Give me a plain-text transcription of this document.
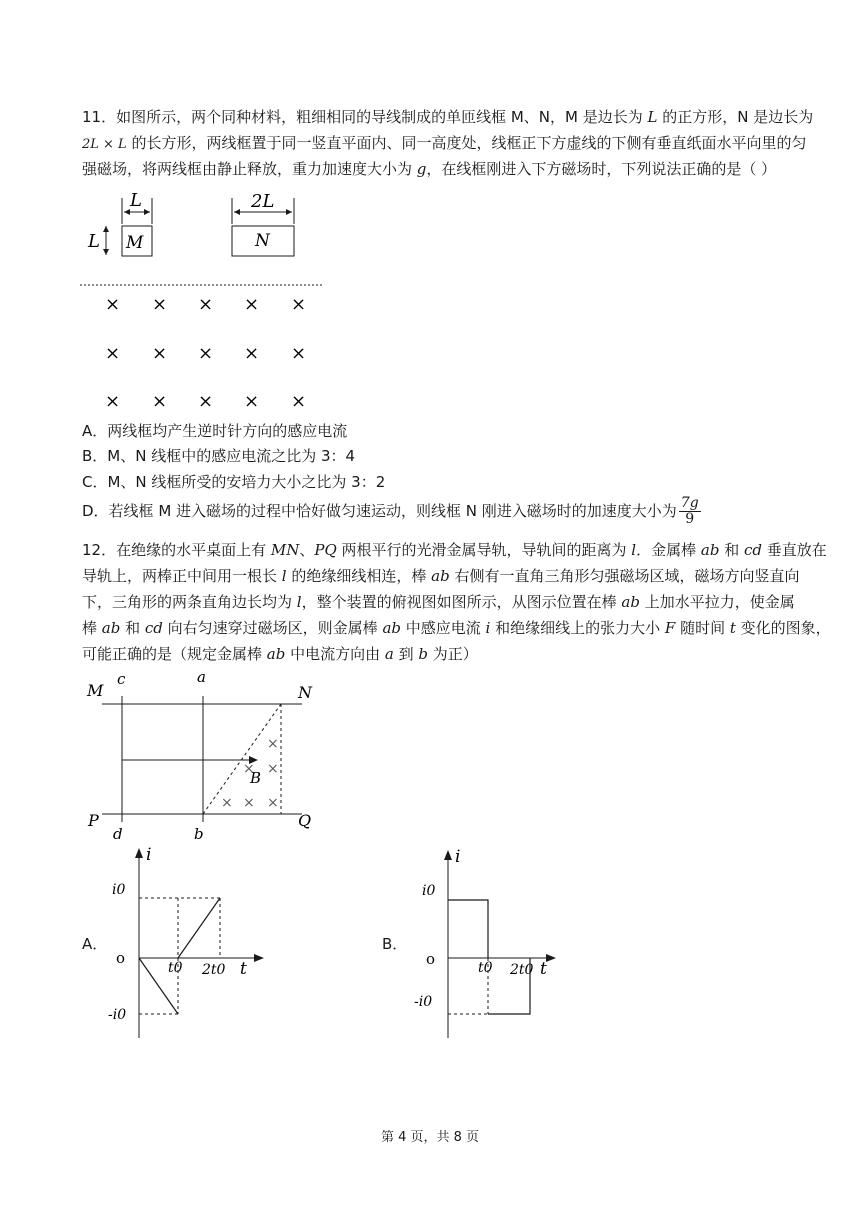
11．如图所示，两个同种材料，粗细相同的导线制成的单匝线框 M、N，M 是边长为 L 的正方形，N 是边长为
2L × L 的长方形，两线框置于同一竖直平面内、同一高度处，线框正下方虚线的下侧有垂直纸面水平向里的匀
强磁场，将两线框由静止释放，重力加速度大小为 g，在线框刚进入下方磁场时，下列说法正确的是（ ）
L
L M
2L
N
× × × × ×
× × × × ×
× × × × ×
A．两线框均产生逆时针方向的感应电流
B．M、N 线框中的感应电流之比为 3：4
C．M、N 线框所受的安培力大小之比为 3：2
D．若线框 M 进入磁场的过程中恰好做匀速运动，则线框 N 刚进入磁场时的加速度大小为 $\frac{7g}{9}$
12．在绝缘的水平桌面上有 MN、PQ 两根平行的光滑金属导轨，导轨间的距离为 l．金属棒 ab 和 cd 垂直放在
导轨上，两棒正中间用一根长 l 的绝缘细线相连，棒 ab 右侧有一直角三角形匀强磁场区域，磁场方向竖直向
下，三角形的两条直角边长均为 l，整个装置的俯视图如图所示，从图示位置在棒 ab 上加水平拉力，使金属
棒 ab 和 cd 向右匀速穿过磁场区，则金属棒 ab 中感应电流 i 和绝缘细线上的张力大小 F 随时间 t 变化的图象，
可能正确的是（规定金属棒 ab 中电流方向由 a 到 b 为正）
×
× ×
× × ×
M
c	a
N
B
P	Q
d	b
A．
i
i0
o
t0 2t0 t
-i0
B．
i
i0
o	t0 2t0 t
-i0
第 4 页，共 8 页
